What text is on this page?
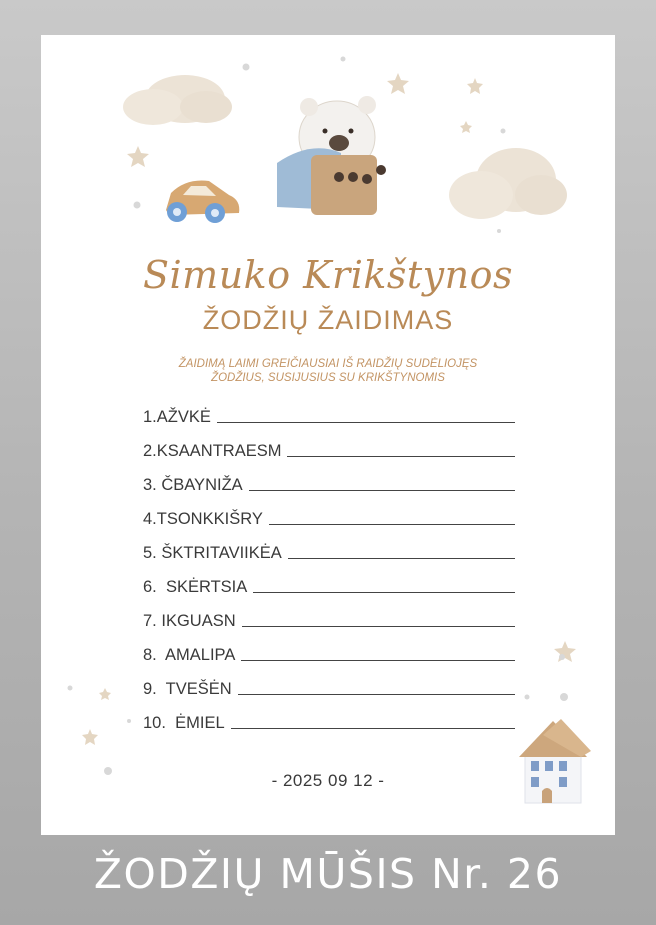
Simuko Krikštynos
ŽODŽIŲ ŽAIDIMAS
ŽAIDIMĄ LAIMI GREIČIAUSIAI IŠ RAIDŽIŲ SUDĖLIOJĘS
ŽODŽIUS, SUSIJUSIUS SU KRIKŠTYNOMIS
1. AŽVKĖ
2. KSAANTRAESM
3. ČBAYNIŽA
4. TSONKKIŠRY
5. ŠKTRITAVIIKĖA
6. SKĖRTSIA
7. IKGUASN
8. AMALIPA
9. TVEŠĖN
10. ĖMIEL
- 2025 09 12 -
ŽODŽIŲ MŪŠIS Nr. 26
